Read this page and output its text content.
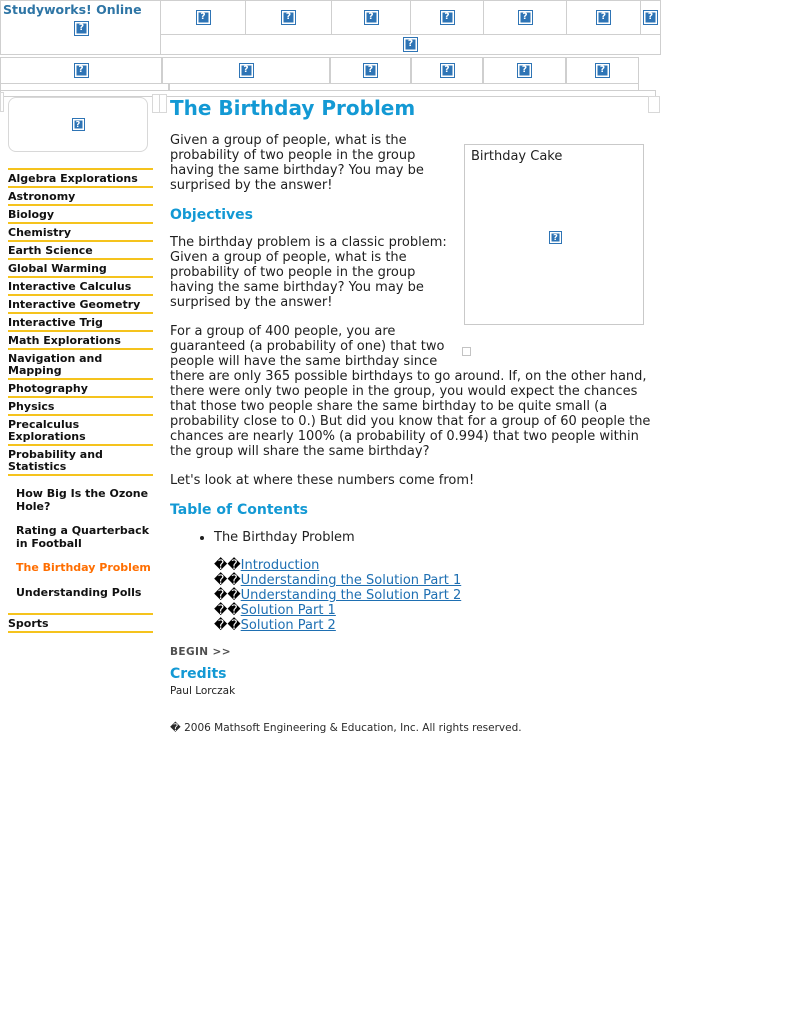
Studyworks! Online
?
?	?	?	?	?	?	?
?
?	?	?	?	?	?
?
Algebra Explorations
Astronomy
Biology
Chemistry
Earth Science
Global Warming
Interactive Calculus
Interactive Geometry
Interactive Trig
Math Explorations
Navigation and Mapping
Photography
Physics
Precalculus Explorations
Probability and Statistics
How Big Is the Ozone Hole?
Rating a Quarterback in Football
The Birthday Problem
Understanding Polls
Sports
The Birthday Problem
Birthday Cake
?

Given a group of people, what is the probability of two people in the group having the same birthday? You may be surprised by the answer!

Objectives

The birthday problem is a classic problem: Given a group of people, what is the probability of two people in the group having the same birthday? You may be surprised by the answer!

For a group of 400 people, you are guaranteed (a probability of one) that two people will have the same birthday since there are only 365 possible birthdays to go around. If, on the other hand, there were only two people in the group, you would expect the chances that those two people share the same birthday to be quite small (a probability close to 0.) But did you know that for a group of 60 people the chances are nearly 100% (a probability of 0.994) that two people within the group will share the same birthday?

Let's look at where these numbers come from!

Table of Contents
• The Birthday Problem
��Introduction
��Understanding the Solution Part 1
��Understanding the Solution Part 2
��Solution Part 1
��Solution Part 2
BEGIN >>
Credits
Paul Lorczak
� 2006 Mathsoft Engineering & Education, Inc. All rights reserved.
